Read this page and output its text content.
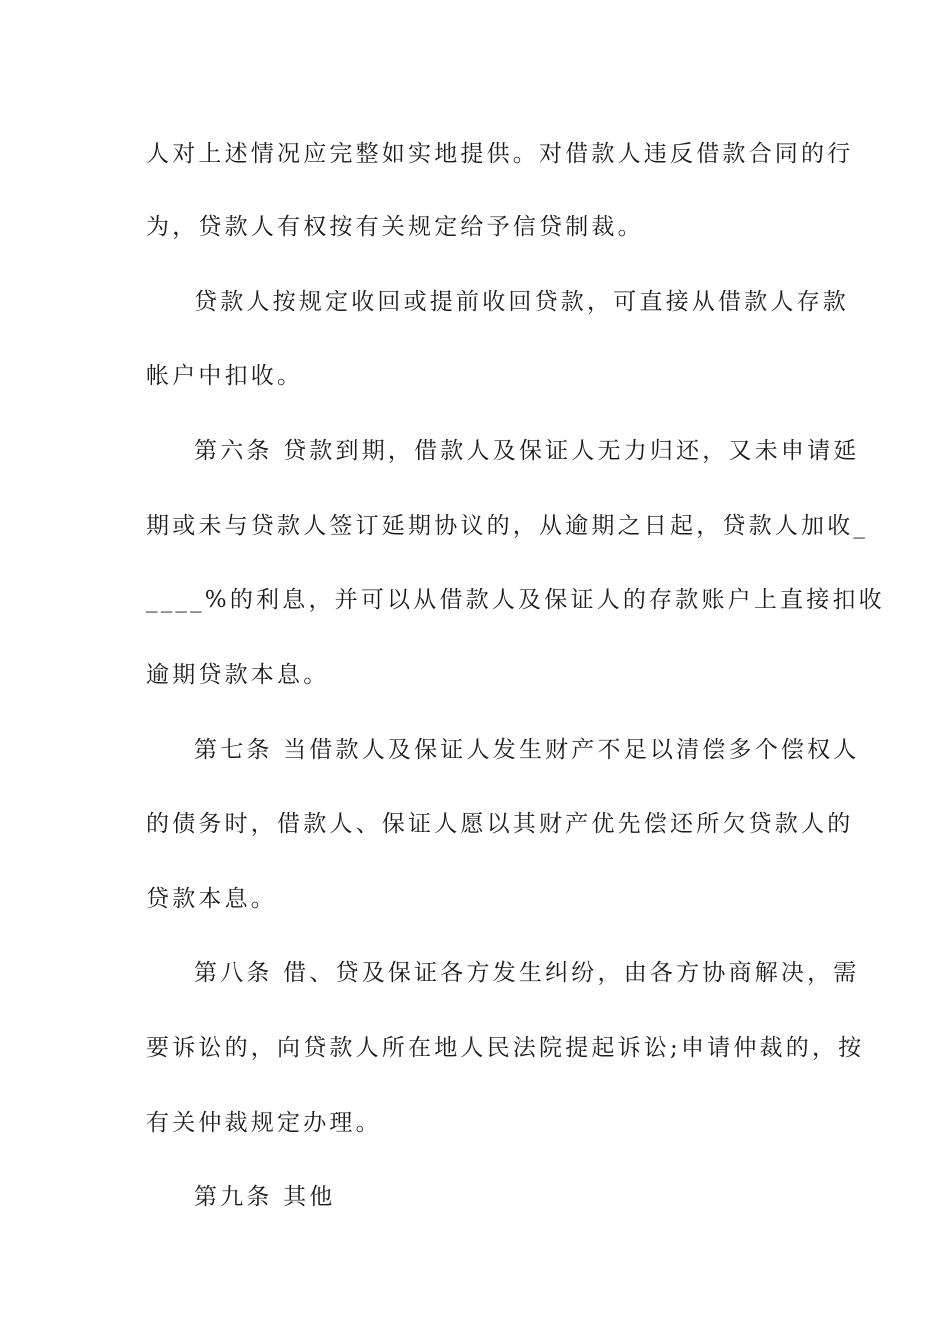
人对上述情况应完整如实地提供。对借款人违反借款合同的行
为，贷款人有权按有关规定给予信贷制裁。
贷款人按规定收回或提前收回贷款，可直接从借款人存款
帐户中扣收。
第六条 贷款到期，借款人及保证人无力归还，又未申请延
期或未与贷款人签订延期协议的，从逾期之日起，贷款人加收_
____%的利息，并可以从借款人及保证人的存款账户上直接扣收
逾期贷款本息。
第七条 当借款人及保证人发生财产不足以清偿多个偿权人
的债务时，借款人、保证人愿以其财产优先偿还所欠贷款人的
贷款本息。
第八条 借、贷及保证各方发生纠纷，由各方协商解决，需
要诉讼的，向贷款人所在地人民法院提起诉讼;申请仲裁的，按
有关仲裁规定办理。
第九条 其他
